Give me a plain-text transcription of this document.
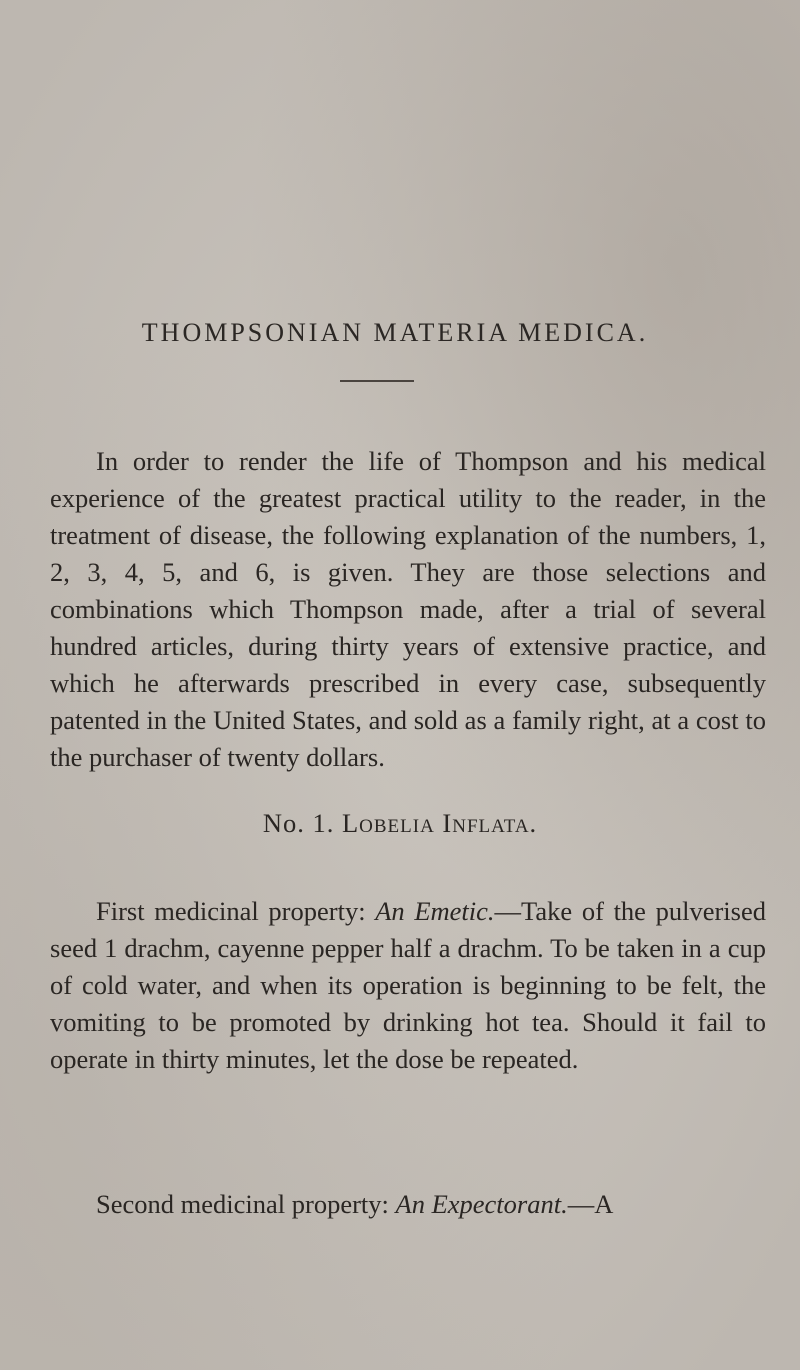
THOMPSONIAN MATERIA MEDICA.

In order to render the life of Thompson and his medical experience of the greatest practical utility to the reader, in the treatment of disease, the following explanation of the numbers, 1, 2, 3, 4, 5, and 6, is given. They are those selections and combinations which Thompson made, after a trial of several hundred articles, during thirty years of extensive practice, and which he afterwards prescribed in every case, subsequently patented in the United States, and sold as a family right, at a cost to the purchaser of twenty dollars.

No. 1. Lobelia Inflata.

First medicinal property: An Emetic.—Take of the pulverised seed 1 drachm, cayenne pepper half a drachm. To be taken in a cup of cold water, and when its operation is beginning to be felt, the vomiting to be promoted by drinking hot tea. Should it fail to operate in thirty minutes, let the dose be repeated.

Second medicinal property: An Expectorant.—A
